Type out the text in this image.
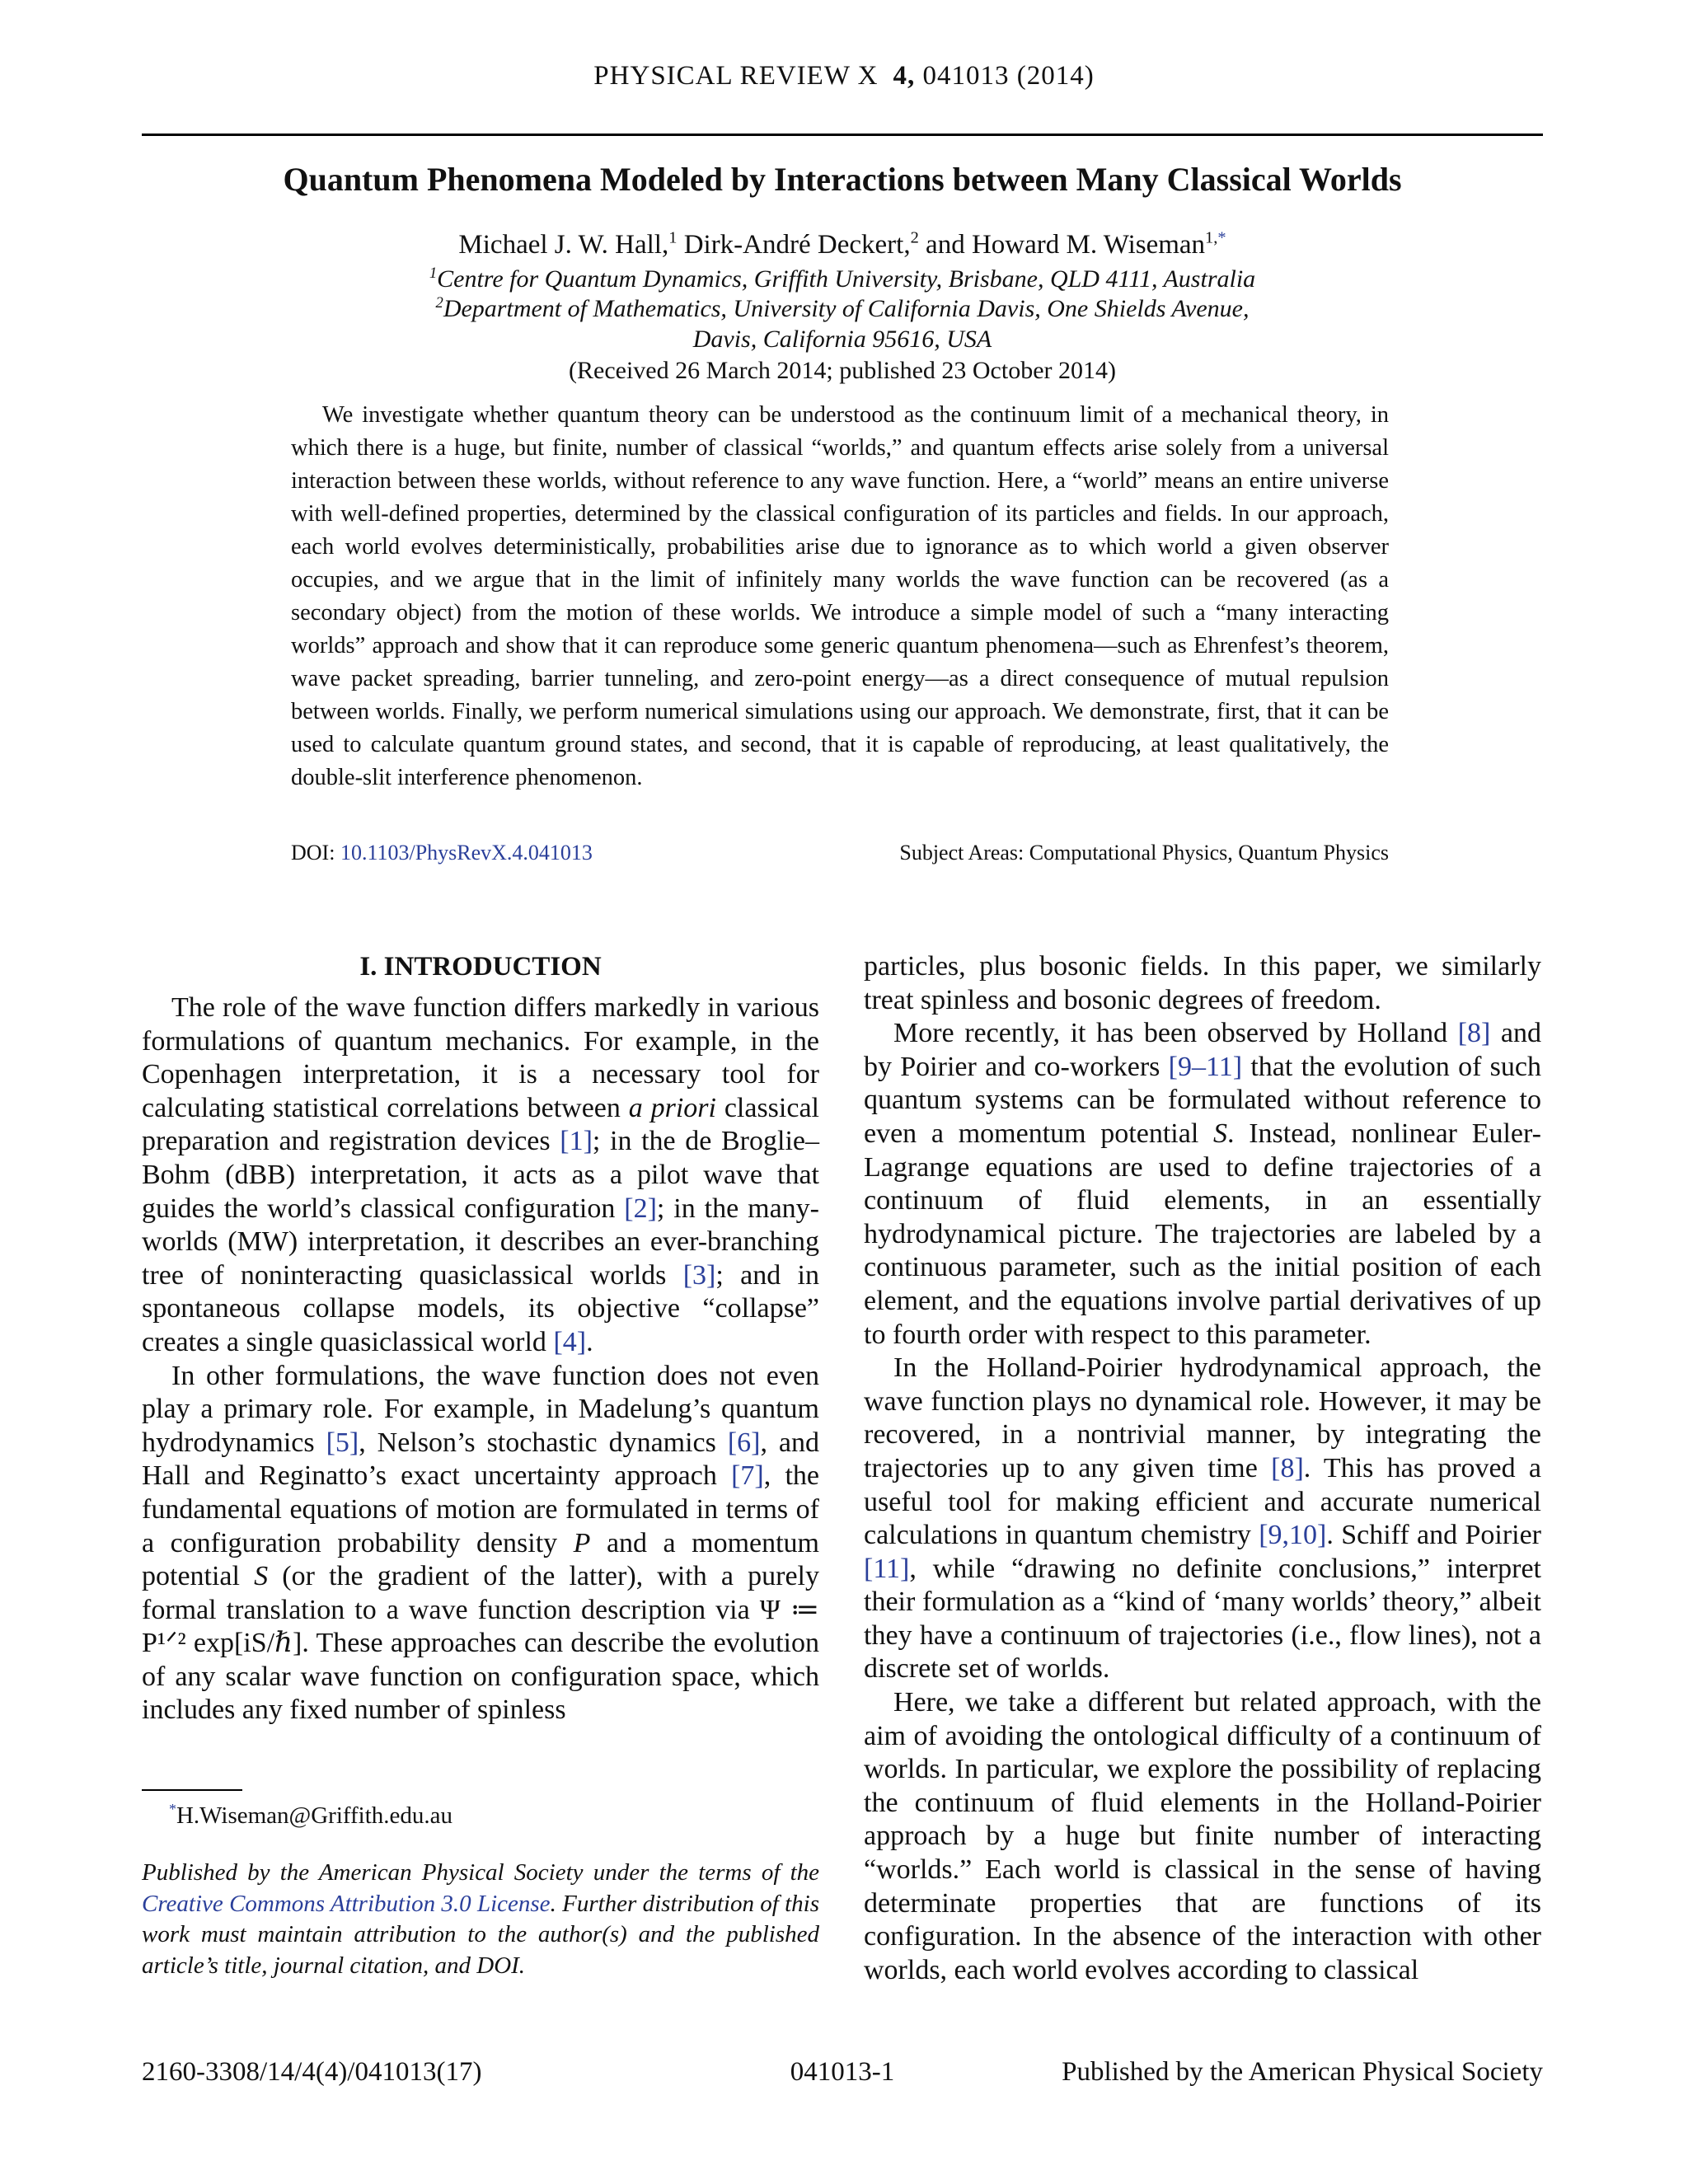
PHYSICAL REVIEW X 4, 041013 (2014)
Quantum Phenomena Modeled by Interactions between Many Classical Worlds
Michael J. W. Hall,$^1$ Dirk-André Deckert,$^2$ and Howard M. Wiseman$^{1,*}$
$^1$Centre for Quantum Dynamics, Griffith University, Brisbane, QLD 4111, Australia
$^2$Department of Mathematics, University of California Davis, One Shields Avenue,
Davis, California 95616, USA
(Received 26 March 2014; published 23 October 2014)

We investigate whether quantum theory can be understood as the continuum limit of a mechanical theory, in which there is a huge, but finite, number of classical “worlds,” and quantum effects arise solely from a universal interaction between these worlds, without reference to any wave function. Here, a “world” means an entire universe with well-defined properties, determined by the classical configuration of its particles and fields. In our approach, each world evolves deterministically, probabilities arise due to ignorance as to which world a given observer occupies, and we argue that in the limit of infinitely many worlds the wave function can be recovered (as a secondary object) from the motion of these worlds. We introduce a simple model of such a “many interacting worlds” approach and show that it can reproduce some generic quantum phenomena—such as Ehrenfest’s theorem, wave packet spreading, barrier tunneling, and zero-point energy—as a direct consequence of mutual repulsion between worlds. Finally, we perform numerical simulations using our approach. We demonstrate, first, that it can be used to calculate quantum ground states, and second, that it is capable of reproducing, at least qualitatively, the double-slit interference phenomenon.

DOI: 10.1103/PhysRevX.4.041013	Subject Areas: Computational Physics, Quantum Physics
I. INTRODUCTION

The role of the wave function differs markedly in various formulations of quantum mechanics. For example, in the Copenhagen interpretation, it is a necessary tool for calculating statistical correlations between a priori classical preparation and registration devices [1]; in the de Broglie–Bohm (dBB) interpretation, it acts as a pilot wave that guides the world’s classical configuration [2]; in the many-worlds (MW) interpretation, it describes an ever-branching tree of noninteracting quasiclassical worlds [3]; and in spontaneous collapse models, its objective “collapse” creates a single quasiclassical world [4].

In other formulations, the wave function does not even play a primary role. For example, in Madelung’s quantum hydrodynamics [5], Nelson’s stochastic dynamics [6], and Hall and Reginatto’s exact uncertainty approach [7], the fundamental equations of motion are formulated in terms of a configuration probability density P and a momentum potential S (or the gradient of the latter), with a purely formal translation to a wave function description via Ψ ≔ P¹ᐟ² exp[iS/ℏ]. These approaches can describe the evolution of any scalar wave function on configuration space, which includes any fixed number of spinless

particles, plus bosonic fields. In this paper, we similarly treat spinless and bosonic degrees of freedom.

More recently, it has been observed by Holland [8] and by Poirier and co-workers [9–11] that the evolution of such quantum systems can be formulated without reference to even a momentum potential S. Instead, nonlinear Euler-Lagrange equations are used to define trajectories of a continuum of fluid elements, in an essentially hydrodynamical picture. The trajectories are labeled by a continuous parameter, such as the initial position of each element, and the equations involve partial derivatives of up to fourth order with respect to this parameter.

In the Holland-Poirier hydrodynamical approach, the wave function plays no dynamical role. However, it may be recovered, in a nontrivial manner, by integrating the trajectories up to any given time [8]. This has proved a useful tool for making efficient and accurate numerical calculations in quantum chemistry [9,10]. Schiff and Poirier [11], while “drawing no definite conclusions,” interpret their formulation as a “kind of ‘many worlds’ theory,” albeit they have a continuum of trajectories (i.e., flow lines), not a discrete set of worlds.

Here, we take a different but related approach, with the aim of avoiding the ontological difficulty of a continuum of worlds. In particular, we explore the possibility of replacing the continuum of fluid elements in the Holland-Poirier approach by a huge but finite number of interacting “worlds.” Each world is classical in the sense of having determinate properties that are functions of its configuration. In the absence of the interaction with other worlds, each world evolves according to classical

*H.Wiseman@Griffith.edu.au
Published by the American Physical Society under the terms of the Creative Commons Attribution 3.0 License. Further distribution of this work must maintain attribution to the author(s) and the published article’s title, journal citation, and DOI.
2160-3308/14/4(4)/041013(17)	041013-1	Published by the American Physical Society
